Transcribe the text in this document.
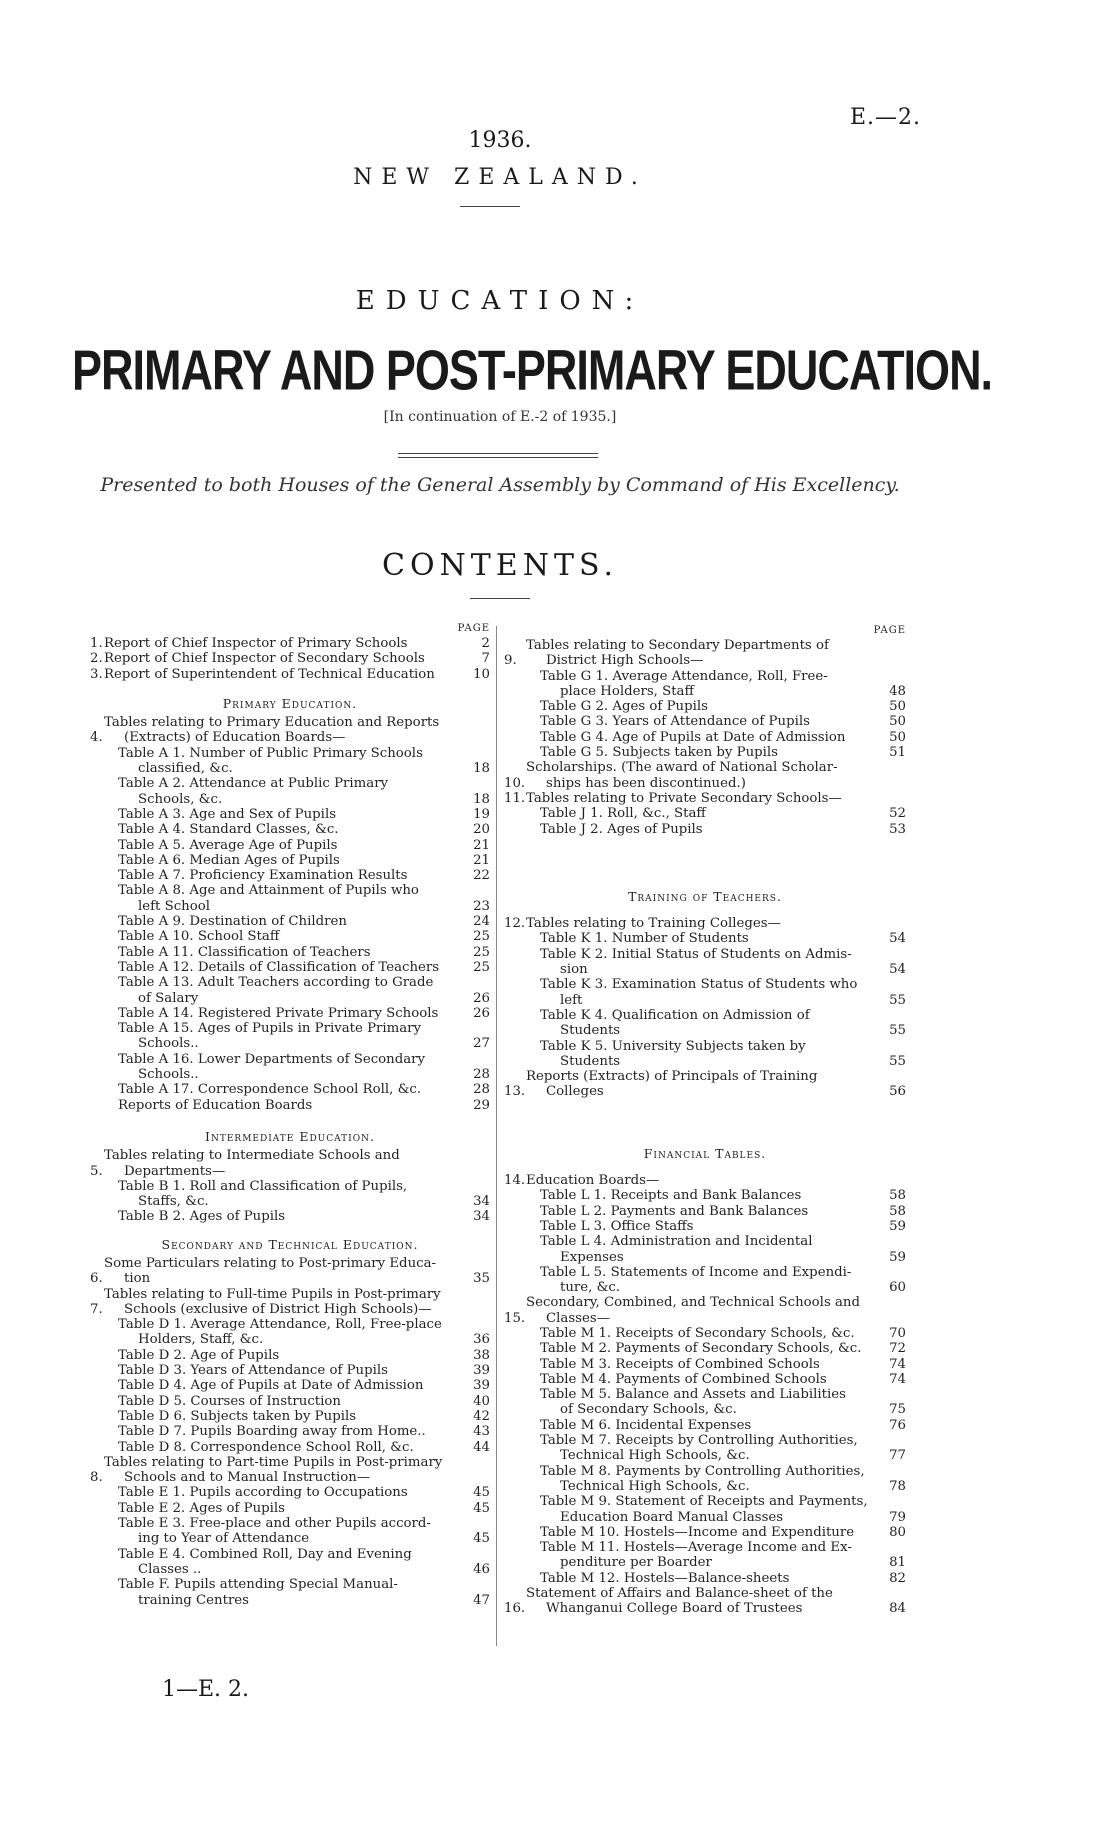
1936.
E.—2.
NEW ZEALAND.
EDUCATION:
PRIMARY AND POST-PRIMARY EDUCATION.
[In continuation of E.-2 of 1935.]
Presented to both Houses of the General Assembly by Command of His Excellency.
CONTENTS.
PAGE
1. Report of Chief Inspector of Primary Schools	2
2. Report of Chief Inspector of Secondary Schools	7
3. Report of Superintendent of Technical Education	10
Primary Education.
4.
Tables relating to Primary Education and Reports
(Extracts) of Education Boards—
Table A 1. Number of Public Primary Schools
classified, &c.	18
Table A 2. Attendance at Public Primary
Schools, &c.	18
Table A 3. Age and Sex of Pupils	19
Table A 4. Standard Classes, &c.	20
Table A 5. Average Age of Pupils	21
Table A 6. Median Ages of Pupils	21
Table A 7. Proficiency Examination Results	22
Table A 8. Age and Attainment of Pupils who
left School	23
Table A 9. Destination of Children	24
Table A 10. School Staff	25
Table A 11. Classification of Teachers	25
Table A 12. Details of Classification of Teachers	25
Table A 13. Adult Teachers according to Grade
of Salary	26
Table A 14. Registered Private Primary Schools	26
Table A 15. Ages of Pupils in Private Primary
Schools..	27
Table A 16. Lower Departments of Secondary
Schools..	28
Table A 17. Correspondence School Roll, &c.	28
Reports of Education Boards	29
Intermediate Education.
5.
Tables relating to Intermediate Schools and
Departments—
Table B 1. Roll and Classification of Pupils,
Staffs, &c.	34
Table B 2. Ages of Pupils	34
Secondary and Technical Education.
6.
Some Particulars relating to Post-primary Educa-
tion	35
7.
Tables relating to Full-time Pupils in Post-primary
Schools (exclusive of District High Schools)—
Table D 1. Average Attendance, Roll, Free-place
Holders, Staff, &c.	36
Table D 2. Age of Pupils	38
Table D 3. Years of Attendance of Pupils	39
Table D 4. Age of Pupils at Date of Admission	39
Table D 5. Courses of Instruction	40
Table D 6. Subjects taken by Pupils	42
Table D 7. Pupils Boarding away from Home..	43
Table D 8. Correspondence School Roll, &c.	44
8.
Tables relating to Part-time Pupils in Post-primary
Schools and to Manual Instruction—
Table E 1. Pupils according to Occupations	45
Table E 2. Ages of Pupils	45
Table E 3. Free-place and other Pupils accord-
ing to Year of Attendance	45
Table E 4. Combined Roll, Day and Evening
Classes ..	46
Table F. Pupils attending Special Manual-
training Centres	47
PAGE
9.
Tables relating to Secondary Departments of
District High Schools—
Table G 1. Average Attendance, Roll, Free-
place Holders, Staff	48
Table G 2. Ages of Pupils	50
Table G 3. Years of Attendance of Pupils	50
Table G 4. Age of Pupils at Date of Admission	50
Table G 5. Subjects taken by Pupils	51
10.
Scholarships. (The award of National Scholar-
ships has been discontinued.)
11. Tables relating to Private Secondary Schools—
Table J 1. Roll, &c., Staff	52
Table J 2. Ages of Pupils	53
Training of Teachers.
12. Tables relating to Training Colleges—
Table K 1. Number of Students	54
Table K 2. Initial Status of Students on Admis-
sion	54
Table K 3. Examination Status of Students who
left	55
Table K 4. Qualification on Admission of
Students	55
Table K 5. University Subjects taken by
Students	55
13.
Reports (Extracts) of Principals of Training
Colleges	56
Financial Tables.
14. Education Boards—
Table L 1. Receipts and Bank Balances	58
Table L 2. Payments and Bank Balances	58
Table L 3. Office Staffs	59
Table L 4. Administration and Incidental
Expenses	59
Table L 5. Statements of Income and Expendi-
ture, &c.	60
15.
Secondary, Combined, and Technical Schools and
Classes—
Table M 1. Receipts of Secondary Schools, &c.	70
Table M 2. Payments of Secondary Schools, &c.	72
Table M 3. Receipts of Combined Schools	74
Table M 4. Payments of Combined Schools	74
Table M 5. Balance and Assets and Liabilities
of Secondary Schools, &c.	75
Table M 6. Incidental Expenses	76
Table M 7. Receipts by Controlling Authorities,
Technical High Schools, &c.	77
Table M 8. Payments by Controlling Authorities,
Technical High Schools, &c.	78
Table M 9. Statement of Receipts and Payments,
Education Board Manual Classes	79
Table M 10. Hostels—Income and Expenditure	80
Table M 11. Hostels—Average Income and Ex-
penditure per Boarder	81
Table M 12. Hostels—Balance-sheets	82
16.
Statement of Affairs and Balance-sheet of the
Whanganui College Board of Trustees	84
1—E. 2.
